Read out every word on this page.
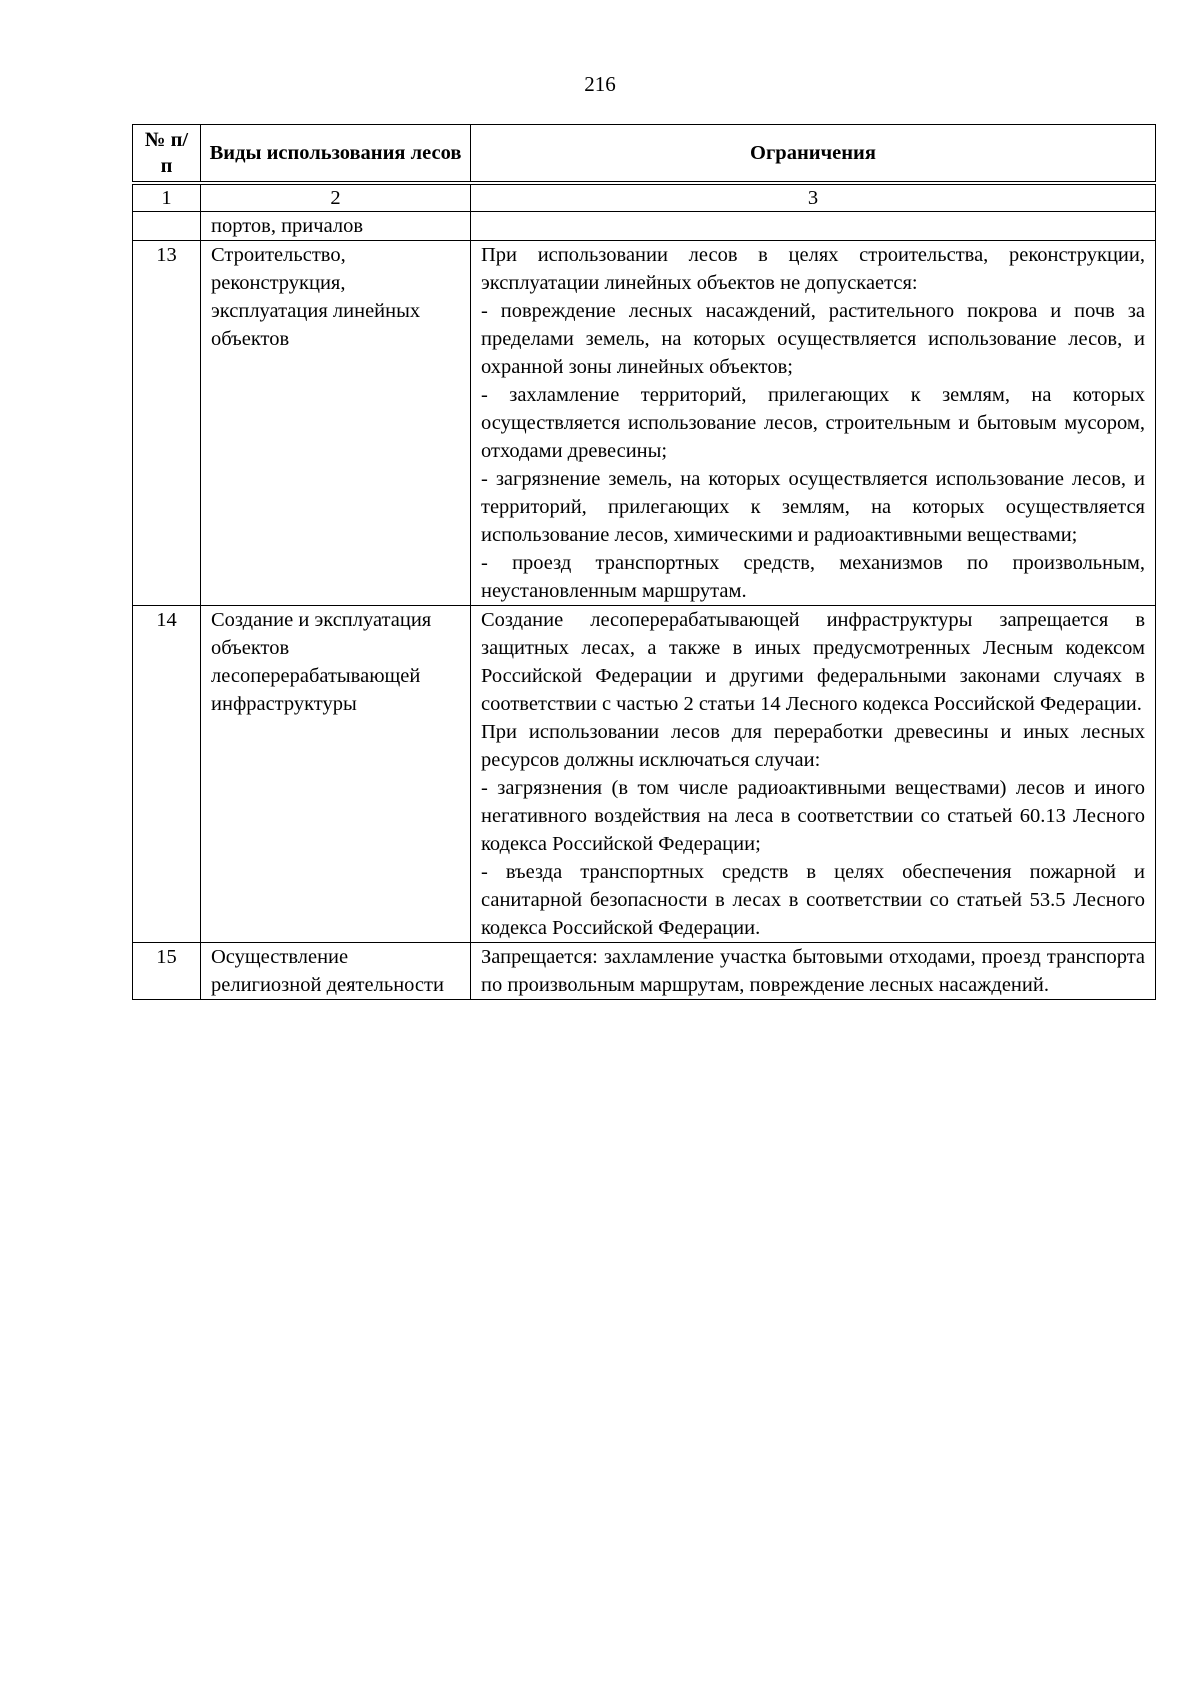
216
№ п/п	Виды использования лесов	Ограничения
1	2	3
	портов, причалов	
13	Строительство, реконструкция, эксплуатация линейных объектов	При использовании лесов в целях строительства, реконструкции, эксплуатации линейных объектов не допускается:

- повреждение лесных насаждений, растительного покрова и почв за пределами земель, на которых осуществляется использование лесов, и охранной зоны линейных объектов;

- захламление территорий, прилегающих к землям, на которых осуществляется использование лесов, строительным и бытовым мусором, отходами древесины;

- загрязнение земель, на которых осуществляется использование лесов, и территорий, прилегающих к землям, на которых осуществляется использование лесов, химическими и радиоактивными веществами;

- проезд транспортных средств, механизмов по произвольным, неустановленным маршрутам.

14	Создание и эксплуатация объектов лесоперерабатывающей инфраструктуры	Создание лесоперерабатывающей инфраструктуры запрещается в защитных лесах, а также в иных предусмотренных Лесным кодексом Российской Федерации и другими федеральными законами случаях в соответствии с частью 2 статьи 14 Лесного кодекса Российской Федерации.

При использовании лесов для переработки древесины и иных лесных ресурсов должны исключаться случаи:

- загрязнения (в том числе радиоактивными веществами) лесов и иного негативного воздействия на леса в соответствии со статьей 60.13 Лесного кодекса Российской Федерации;

- въезда транспортных средств в целях обеспечения пожарной и санитарной безопасности в лесах в соответствии со статьей 53.5 Лесного кодекса Российской Федерации.

15	Осуществление религиозной деятельности	Запрещается: захламление участка бытовыми отходами, проезд транспорта по произвольным маршрутам, повреждение лесных насаждений.
